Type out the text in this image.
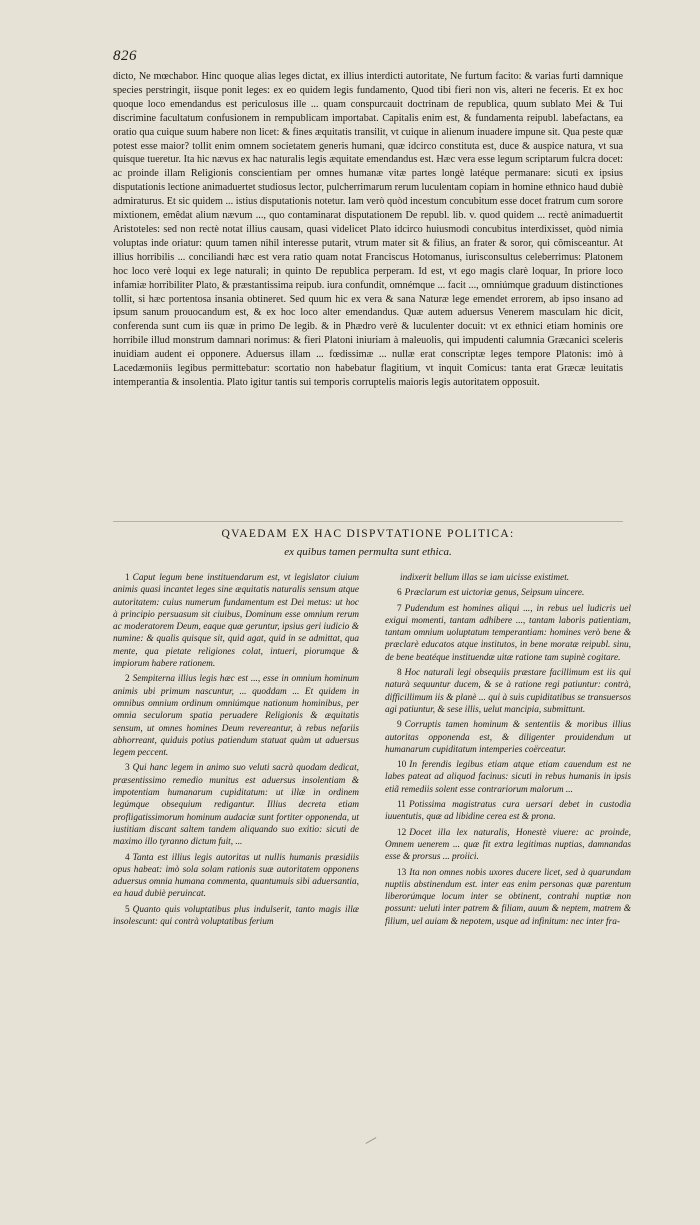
826

dicto, Ne mœchabor. Hinc quoque alias leges dictat, ex illius interdicti autoritate, Ne furtum facito: & varias furti damnique species perstringit, iisque ponit leges: ex eo quidem legis fundamento, Quod tibi fieri non vis, alteri ne feceris. Et ex hoc quoque loco emendandus est periculosus ille ... quam conspurcauit doctrinam de republica, quum sublato Mei & Tui discrimine facultatum confusionem in rempublicam importabat. Capitalis enim est, & fundamenta reipubl. labefactans, ea oratio qua cuique suum habere non licet: & fines æquitatis transilit, vt cuique in alienum inuadere impune sit. Qua peste quæ potest esse maior? tollit enim omnem societatem generis humani, quæ idcirco constituta est, duce & auspice natura, vt sua quisque tueretur. Ita hic nævus ex hac naturalis legis æquitate emendandus est. Hæc vera esse legum scriptarum fulcra docet: ac proinde illam Religionis conscientiam per omnes humanæ vitæ partes longè latéque permanare: sicuti ex ipsius disputationis lectione animaduertet studiosus lector, pulcherrimarum rerum luculentam copiam in homine ethnico haud dubiè admiraturus. Et sic quidem ... istius disputationis notetur. Iam verò quòd incestum concubitum esse docet fratrum cum sorore mixtionem, emêdat alium nævum ..., quo contaminarat disputationem De republ. lib. v. quod quidem ... rectè animaduertit Aristoteles: sed non rectè notat illius causam, quasi videlicet Plato idcirco huiusmodi concubitus interdixisset, quòd nimia voluptas inde oriatur: quum tamen nihil interesse putarit, vtrum mater sit & filius, an frater & soror, qui cõmisceantur. At illius horribilis ... conciliandi hæc est vera ratio quam notat Franciscus Hotomanus, iurisconsultus celeberrimus: Platonem hoc loco verè loqui ex lege naturali; in quinto De republica perperam. Id est, vt ego magis clarè loquar, In priore loco infamiæ horribiliter Plato, & præstantissima reipub. iura confundit, omnémque ... facit ..., omniúmque graduum distinctiones tollit, si hæc portentosa insania obtineret. Sed quum hic ex vera & sana Naturæ lege emendet errorem, ab ipso insano ad ipsum sanum prouocandum est, & ex hoc loco alter emendandus. Quæ autem aduersus Venerem masculam hic dicit, conferenda sunt cum iis quæ in primo De legib. & in Phædro verè & luculenter docuit: vt ex ethnici etiam hominis ore horribile illud monstrum damnari norimus: & fieri Platoni iniuriam à maleuolis, qui impudenti calumnia Græcanici sceleris inuidiam audent ei opponere. Aduersus illam ... fœdissimæ ... nullæ erat conscriptæ leges tempore Platonis: imò à Lacedæmoniis legibus permittebatur: scortatio non habebatur flagitium, vt inquit Comicus: tanta erat Græcæ leuitatis intemperantia & insolentia. Plato igitur tantis sui temporis corruptelis maioris legis autoritatem opposuit.

QVAEDAM EX HAC DISPVTATIONE POLITICA:
ex quibus tamen permulta sunt ethica.

1 Caput legum bene instituendarum est, vt legislator ciuium animis quasi incantet leges sine æquitatis naturalis sensum atque autoritatem: cuius numerum fundamentum est Dei metus: ut hoc à principio persuasum sit ciuibus, Dominum esse omnium rerum ac moderatorem Deum, eaque quæ geruntur, ipsius geri iudicio & numine: & qualis quisque sit, quid agat, quid in se admittat, qua mente, qua pietate religiones colat, intueri, piorumque & impiorum habere rationem.

2 Sempiterna illius legis hæc est ..., esse in omnium hominum animis ubi primum nascuntur, ... quoddam ... Et quidem in omnibus omnium ordinum omniúmque nationum hominibus, per omnia seculorum spatia peruadere Religionis & æquitatis sensum, ut omnes homines Deum revereantur, à rebus nefariis abhorreant, quiduis potius patiendum statuat quàm ut aduersus legem peccent.

3 Qui hanc legem in animo suo veluti sacrà quodam dedicat, præsentissimo remedio munitus est aduersus insolentiam & impotentiam humanarum cupiditatum: ut illæ in ordinem legúmque obsequium redigantur. Illius decreta etiam profligatissimorum hominum audaciæ sunt fortiter opponenda, ut iustitiam discant saltem tandem aliquando suo exitio: sicuti de maximo illo tyranno dictum fuit, ...

4 Tanta est illius legis autoritas ut nullis humanis præsidiis opus habeat: imò sola solam rationis suæ autoritatem opponens aduersus omnia humana commenta, quantumuis sibi aduersantia, ea haud dubiè peruincat.

5 Quanto quis voluptatibus plus indulserit, tanto magis illæ insolescunt: qui contrà voluptatibus ferium

indixerit bellum illas se iam uicisse existimet.

6 Præclarum est uictoriæ genus, Seipsum uincere.

7 Pudendum est homines aliqui ..., in rebus uel ludicris uel exigui momenti, tantam adhibere ..., tantam laboris patientiam, tantam omnium uoluptatum temperantiam: homines verò bene & præclarè educatos atque institutos, in bene moratæ reipubl. sinu, de bene beatéque instituendæ uitæ ratione tam supinè cogitare.

8 Hoc naturali legi obsequiis præstare facillimum est iis qui naturà sequuntur ducem, & se à ratione regi patiuntur: contrà, difficillimum iis & planè ... qui à suis cupiditatibus se transuersos agi patiuntur, & sese illis, uelut mancipia, submittunt.

9 Corruptis tamen hominum & sententiis & moribus illius autoritas opponenda est, & diligenter prouidendum ut humanarum cupiditatum intemperies coërceatur.

10 In ferendis legibus etiam atque etiam cauendum est ne labes pateat ad aliquod facinus: sicuti in rebus humanis in ipsis etiã remediis solent esse contrariorum malorum ...

11 Potissima magistratus cura uersari debet in custodia iuuentutis, quæ ad libidine cerea est & prona.

12 Docet illa lex naturalis, Honestè viuere: ac proinde, Omnem uenerem ... quæ fit extra legitimas nuptias, damnandas esse & prorsus ... proiici.

13 Ita non omnes nobis uxores ducere licet, sed à quarundam nuptiis abstinendum est. inter eas enim personas quæ parentum liberorúmque locum inter se obtinent, contrahi nuptiæ non possunt: ueluti inter patrem & filiam, auum & neptem, matrem & filium, uel auiam & nepotem, usque ad infinitum: nec inter fra-
